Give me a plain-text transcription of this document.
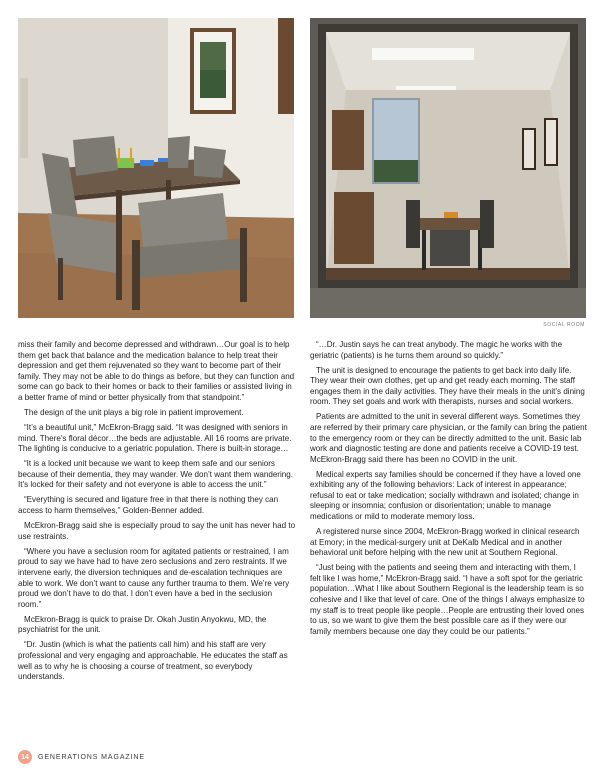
SOCIAL ROOM

miss their family and become depressed and withdrawn…Our goal is to help them get back that balance and the medication balance to help treat their depression and get them rejuvenated so they want to become part of their family. They may not be able to do things as before, but they can function and some can go back to their homes or back to their families or assisted living in a better frame of mind or better physically from that standpoint.”

The design of the unit plays a big role in patient improvement.

“It’s a beautiful unit,” McEkron-Bragg said. “It was designed with seniors in mind. There’s floral décor…the beds are adjustable. All 16 rooms are private. The lighting is conducive to a geriatric population. There is built-in storage…

“It is a locked unit because we want to keep them safe and our seniors because of their dementia, they may wander. We don’t want them wandering. It’s locked for their safety and not everyone is able to access the unit.”

“Everything is secured and ligature free in that there is nothing they can access to harm themselves,” Golden-Benner added.

McEkron-Bragg said she is especially proud to say the unit has never had to use restraints.

“Where you have a seclusion room for agitated patients or restrained, I am proud to say we have had to have zero seclusions and zero restraints. If we intervene early, the diversion techniques and de-escalation techniques are able to work. We don’t want to cause any further trauma to them. We’re very proud we don’t have to do that. I don’t even have a bed in the seclusion room.”

McEkron-Bragg is quick to praise Dr. Okah Justin Anyokwu, MD, the psychiatrist for the unit.

“Dr. Justin (which is what the patients call him) and his staff are very professional and very engaging and approachable. He educates the staff as well as to why he is choosing a course of treatment, so everybody understands.

“…Dr. Justin says he can treat anybody. The magic he works with the geriatric (patients) is he turns them around so quickly.”

The unit is designed to encourage the patients to get back into daily life. They wear their own clothes, get up and get ready each morning. The staff engages them in the daily activities. They have their meals in the unit’s dining room. They set goals and work with therapists, nurses and social workers.

Patients are admitted to the unit in several different ways. Sometimes they are referred by their primary care physician, or the family can bring the patient to the emergency room or they can be directly admitted to the unit. Basic lab work and diagnostic testing are done and patients receive a COVID-19 test. McEkron-Bragg said there has been no COVID in the unit.

Medical experts say families should be concerned if they have a loved one exhibiting any of the following behaviors: Lack of interest in appearance; refusal to eat or take medication; socially withdrawn and isolated; change in sleeping or insomnia; confusion or disorientation; unable to manage medications or mild to moderate memory loss.

A registered nurse since 2004, McEkron-Bragg worked in clinical research at Emory; in the medical-surgery unit at DeKalb Medical and in another behavioral unit before helping with the new unit at Southern Regional.

“Just being with the patients and seeing them and interacting with them, I felt like I was home,” McEkron-Bragg said. “I have a soft spot for the geriatric population…What I like about Southern Regional is the leadership team is so cohesive and I like that level of care. One of the things I always emphasize to my staff is to treat people like people…People are entrusting their loved ones to us, so we want to give them the best possible care as if they were our family members because one day they could be our patients.”

14	GENERATIONS MAGAZINE
